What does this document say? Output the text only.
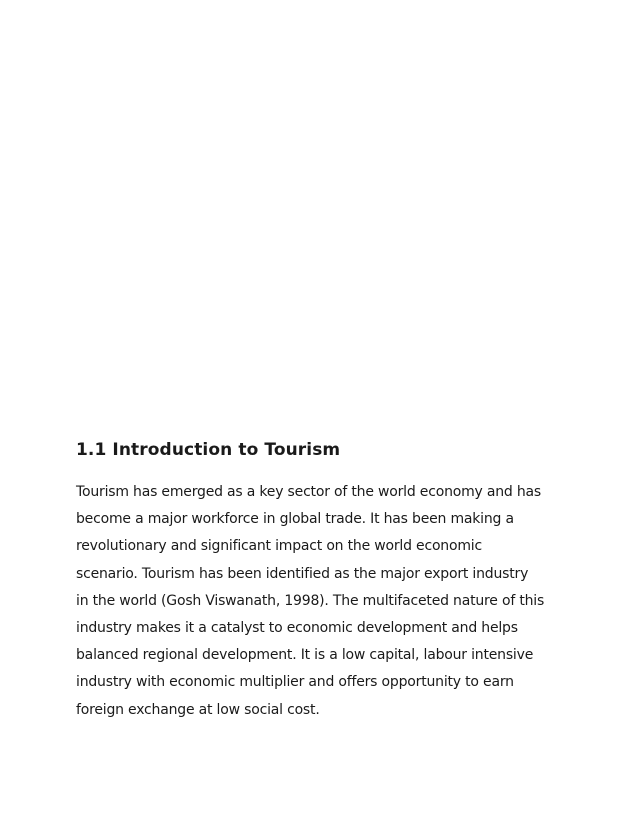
1.1 Introduction to Tourism
Tourism has emerged as a key sector of the world economy and has
become a major workforce in global trade. It has been making a
revolutionary and significant impact on the world economic
scenario. Tourism has been identified as the major export industry
in the world (Gosh Viswanath, 1998). The multifaceted nature of this
industry makes it a catalyst to economic development and helps
balanced regional development. It is a low capital, labour intensive
industry with economic multiplier and offers opportunity to earn
foreign exchange at low social cost.
